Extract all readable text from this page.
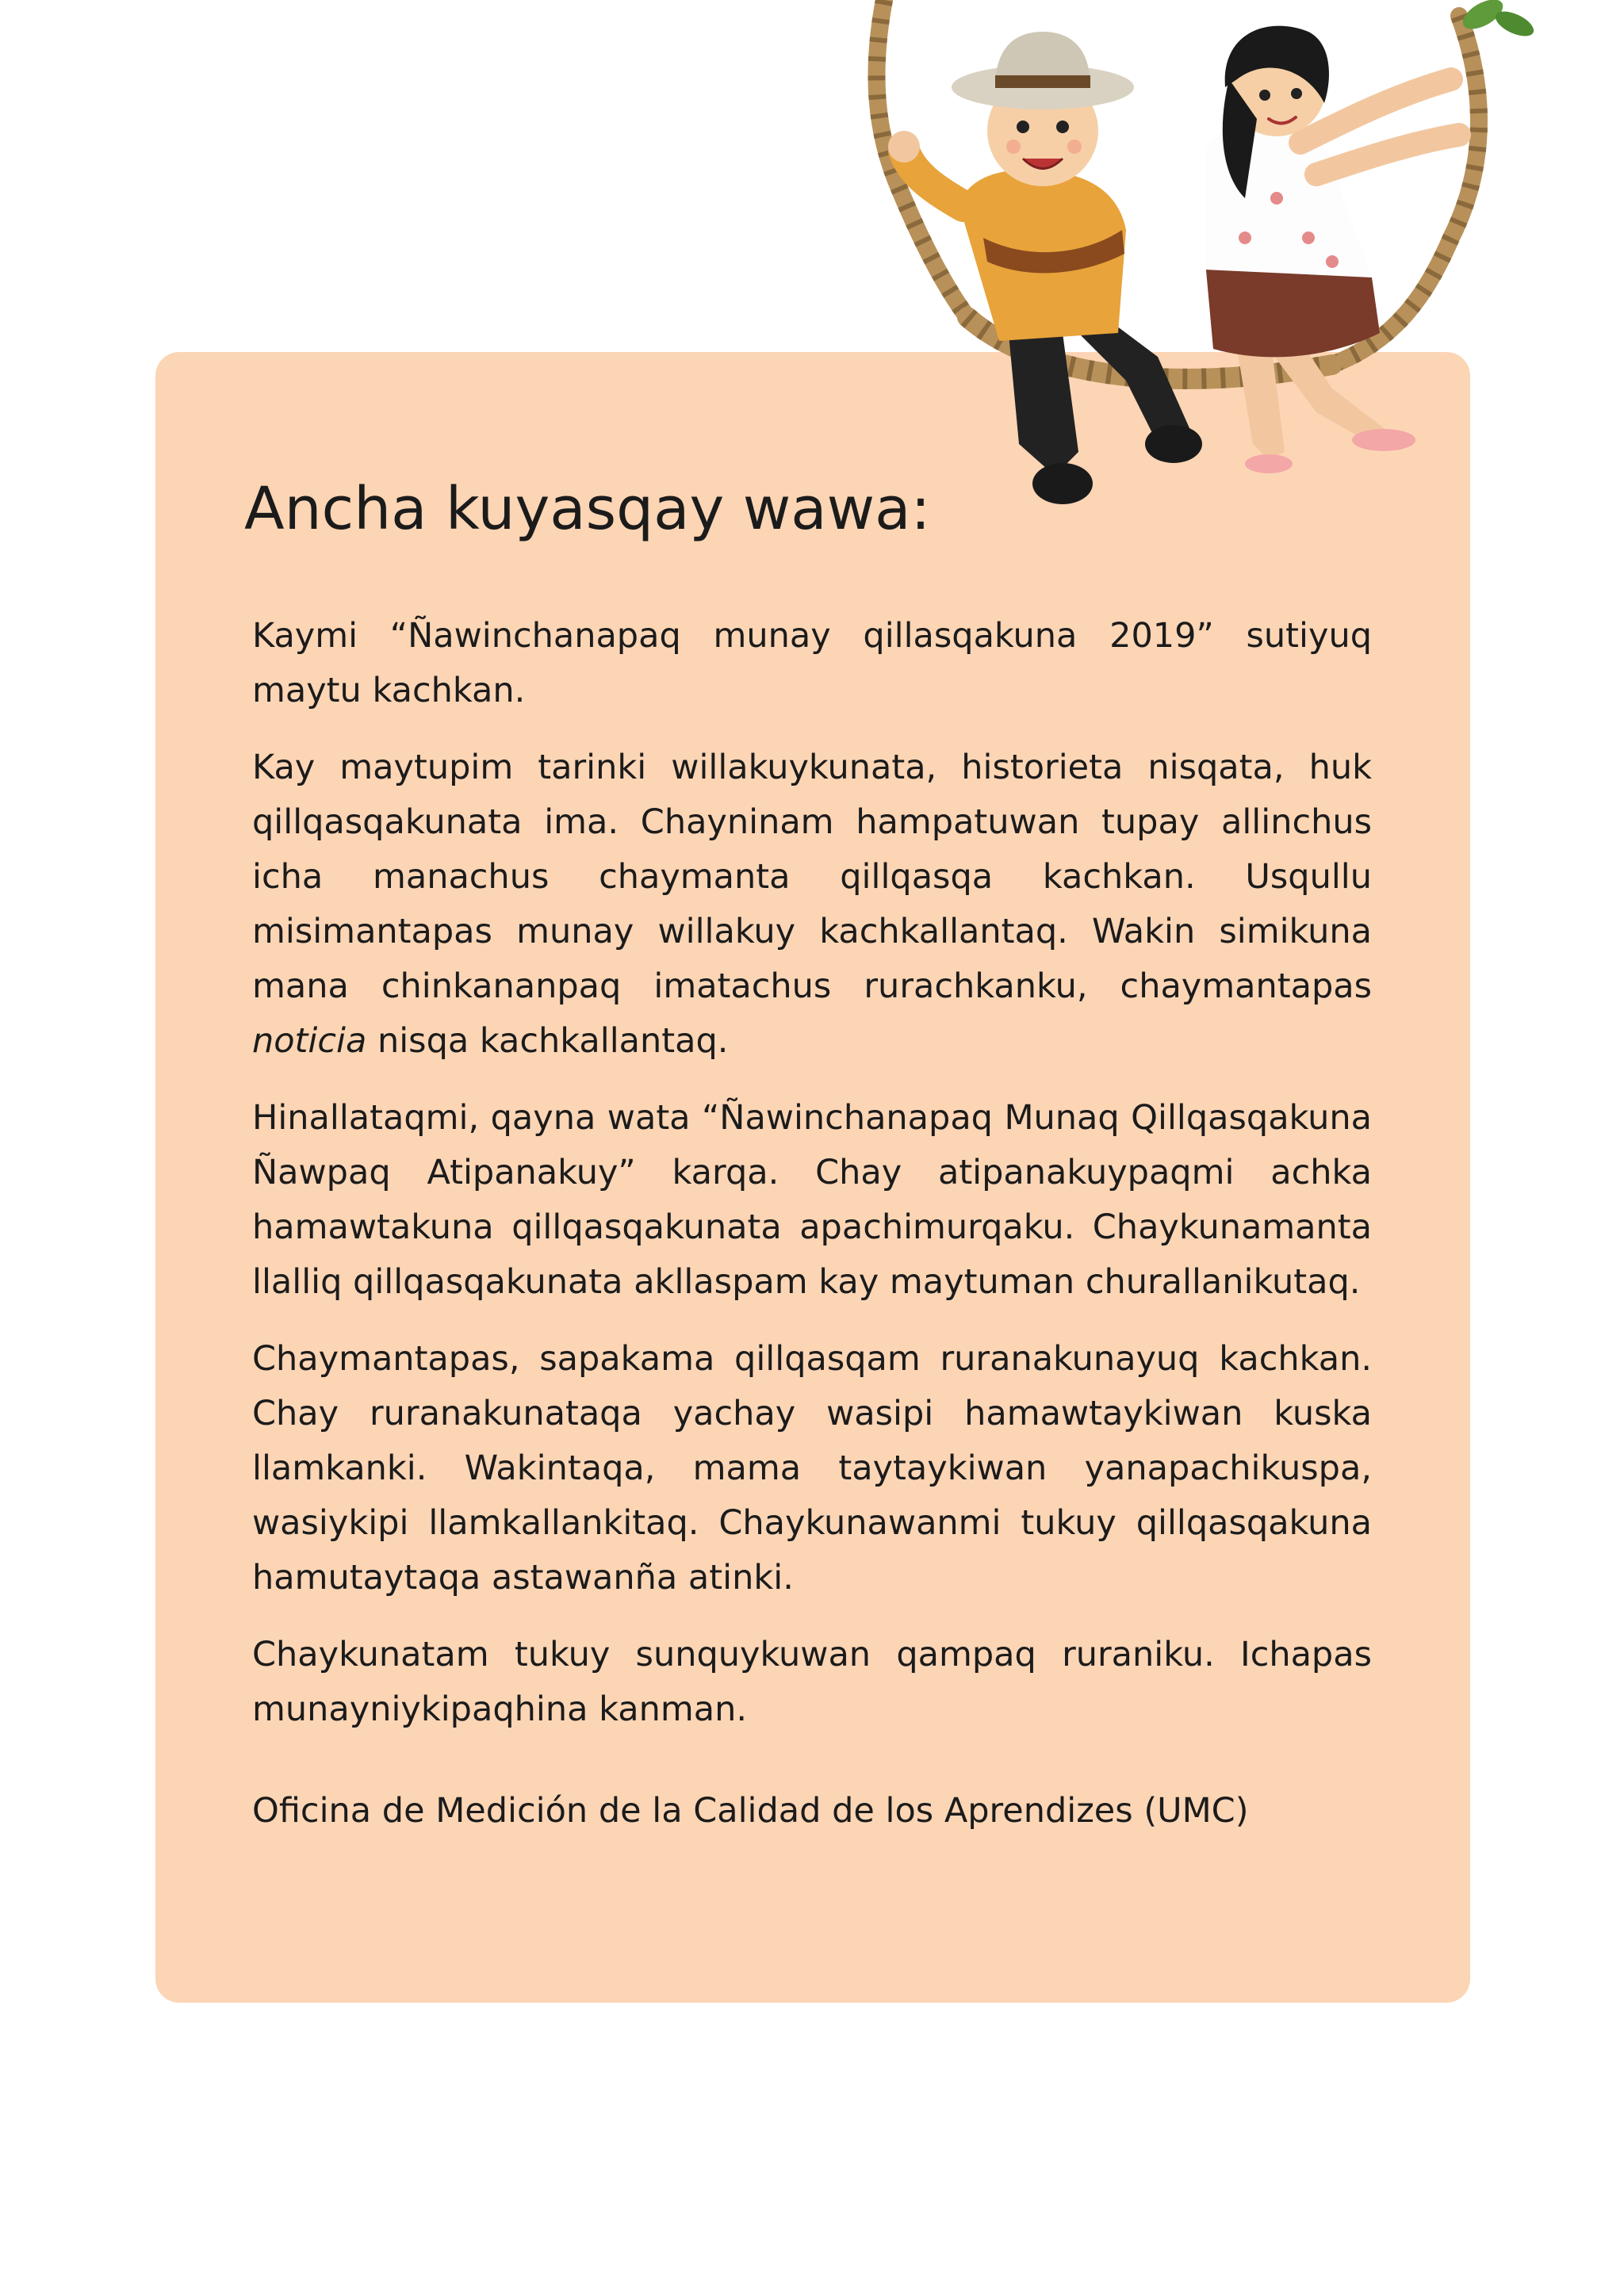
Ancha kuyasqay wawa:

Kaymi “Ñawinchanapaq munay qillasqakuna 2019” sutiyuq maytu kachkan.

Kay maytupim tarinki willakuykunata, historieta nisqata, huk qillqasqakunata ima. Chayninam hampatuwan tupay allinchus icha manachus chaymanta qillqasqa kachkan. Usqullu misimantapas munay willakuy kachkallantaq. Wakin simikuna mana chinkananpaq imatachus rurachkanku, chaymantapas noticia nisqa kachkallantaq.

Hinallataqmi, qayna wata “Ñawinchanapaq Munaq Qillqasqakuna Ñawpaq Atipanakuy” karqa. Chay atipanakuypaqmi achka hamawtakuna qillqasqakunata apachimurqaku. Chaykunamanta llalliq qillqasqakunata akllaspam kay maytuman churallanikutaq.

Chaymantapas, sapakama qillqasqam ruranakunayuq kachkan. Chay ruranakunataqa yachay wasipi hamawtaykiwan kuska llamkanki. Wakintaqa, mama taytaykiwan yanapachikuspa, wasiykipi llamkallankitaq. Chaykunawanmi tukuy qillqasqakuna hamutaytaqa astawanña atinki.

Chaykunatam tukuy sunquykuwan qampaq ruraniku. Ichapas munayniykipaqhina kanman.

Oficina de Medición de la Calidad de los Aprendizes (UMC)
